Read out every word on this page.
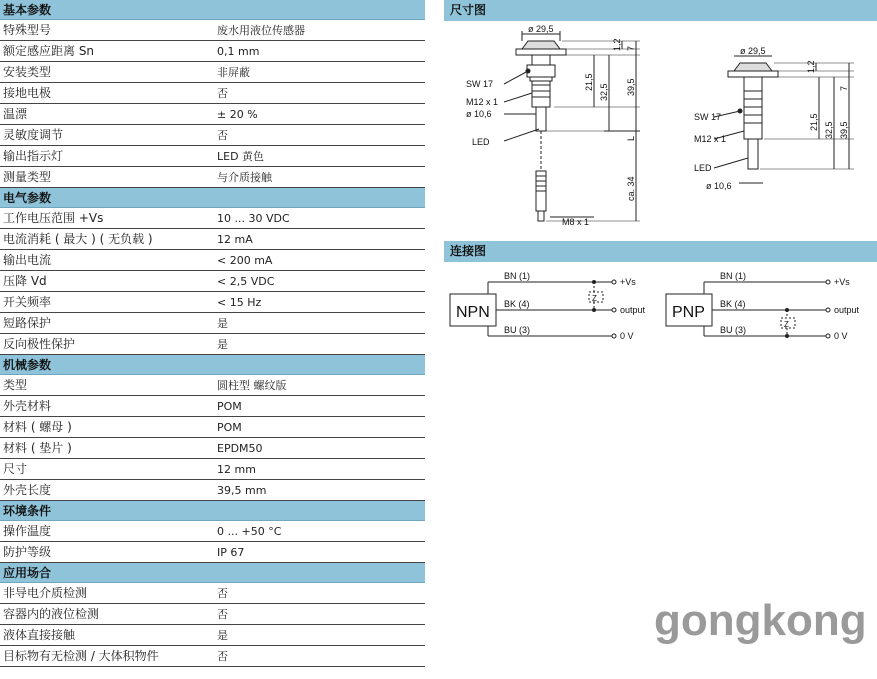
基本参数
特殊型号	废水用液位传感器
额定感应距离 Sn	0,1 mm
安装类型	非屏蔽
接地电极	否
温漂	± 20 %
灵敏度调节	否
输出指示灯	LED 黄色
测量类型	与介质接触
电气参数
工作电压范围 +Vs	10 ... 30 VDC
电流消耗 ( 最大 ) ( 无负载 )	12 mA
输出电流	< 200 mA
压降 Vd	< 2,5 VDC
开关频率	< 15 Hz
短路保护	是
反向极性保护	是
机械参数
类型	圆柱型 螺纹版
外壳材料	POM
材料 ( 螺母 )	POM
材料 ( 垫片 )	EPDM50
尺寸	12 mm
外壳长度	39,5 mm
环境条件
操作温度	0 ... +50 °C
防护等级	IP 67
应用场合
非导电介质检测	否
容器内的液位检测	否
液体直接接触	是
目标物有无检测 / 大体积物件	否
尺寸图
ø 29,5
1,2 7
21,5
32,5 39,5
SW 17
M12 x 1
ø 10,6
LED	L
ca. 34
M8 x 1
ø 29,5
1,2
7
21,5 32,5 39,5
SW 17
M12 x 1
LED
ø 10,6
连接图
NPN
BN (1)
BK (4)
BU (3)
+Vs
output
0 V
Z
PNP
BN (1)
BK (4)
BU (3)
+Vs
output
0 V
Z
gongkong
